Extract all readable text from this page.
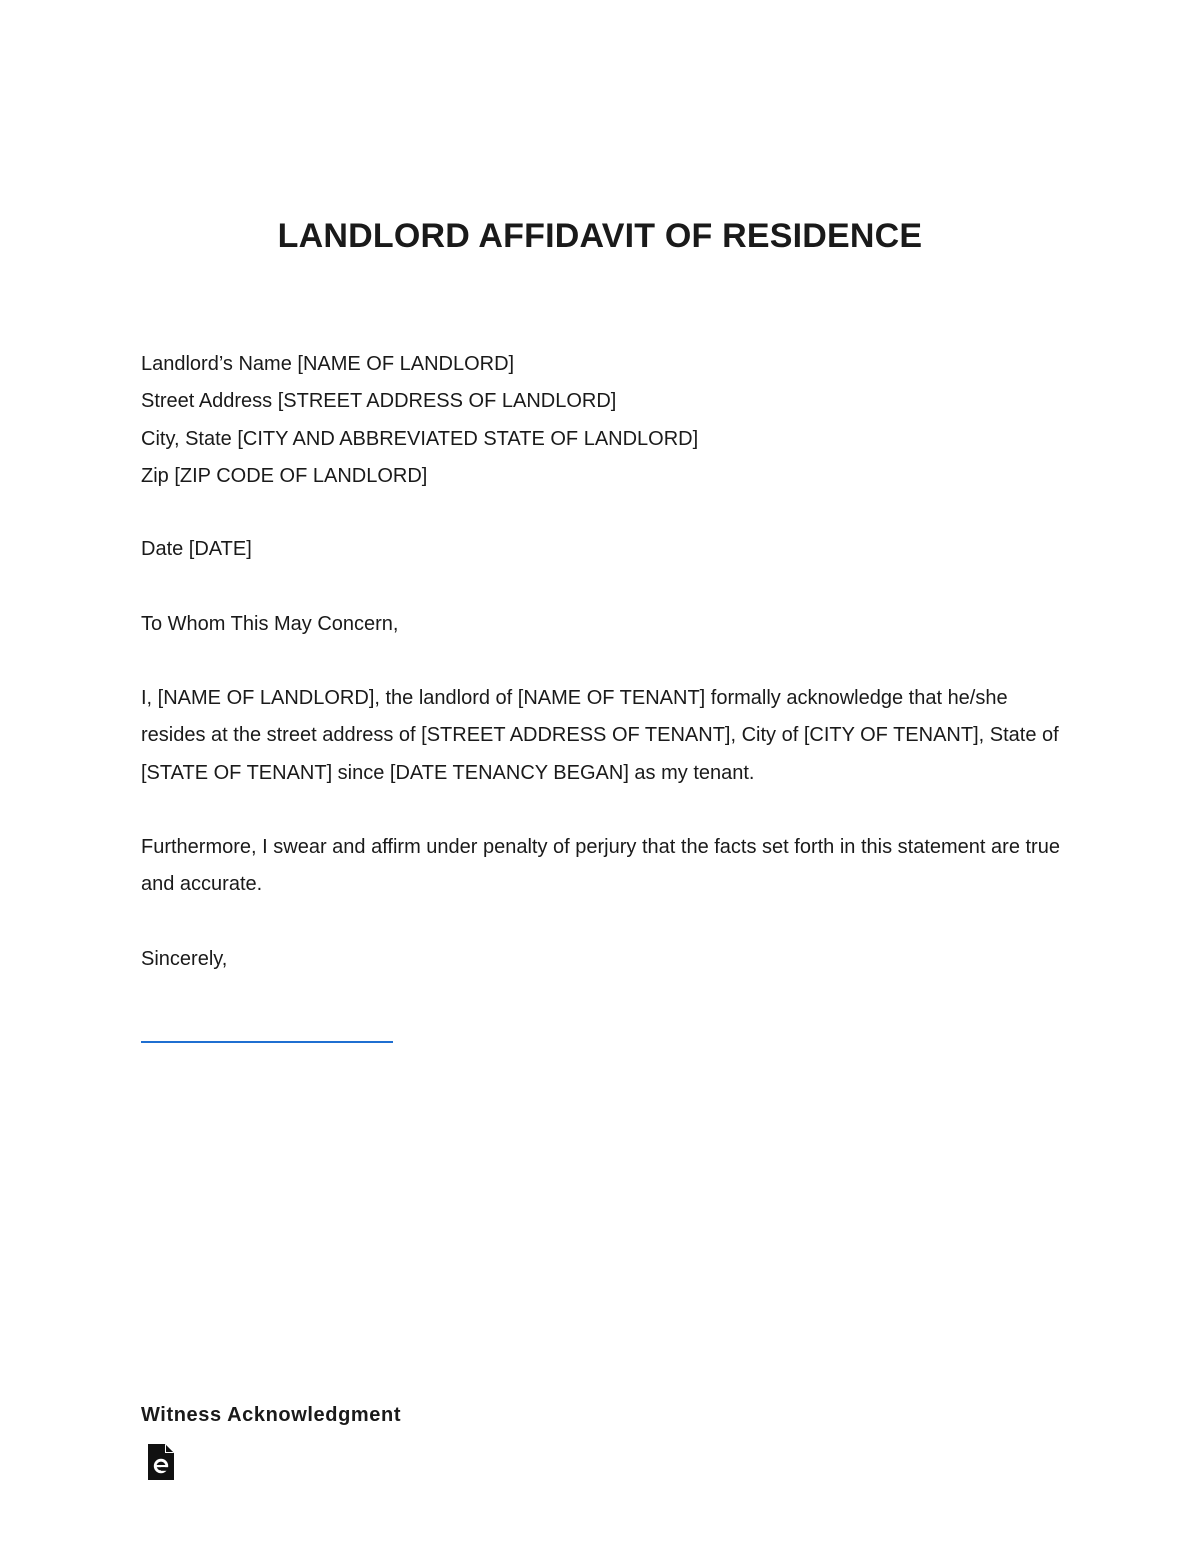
LANDLORD AFFIDAVIT OF RESIDENCE
Landlord’s Name [NAME OF LANDLORD]
Street Address [STREET ADDRESS OF LANDLORD]
City, State [CITY AND ABBREVIATED STATE OF LANDLORD]
Zip [ZIP CODE OF LANDLORD]

Date [DATE]

To Whom This May Concern,

I, [NAME OF LANDLORD], the landlord of [NAME OF TENANT] formally acknowledge that he/she resides at the street address of [STREET ADDRESS OF TENANT], City of [CITY OF TENANT], State of [STATE OF TENANT] since [DATE TENANCY BEGAN] as my tenant.

Furthermore, I swear and affirm under penalty of perjury that the facts set forth in this statement are true and accurate.

Sincerely,

Witness Acknowledgment
